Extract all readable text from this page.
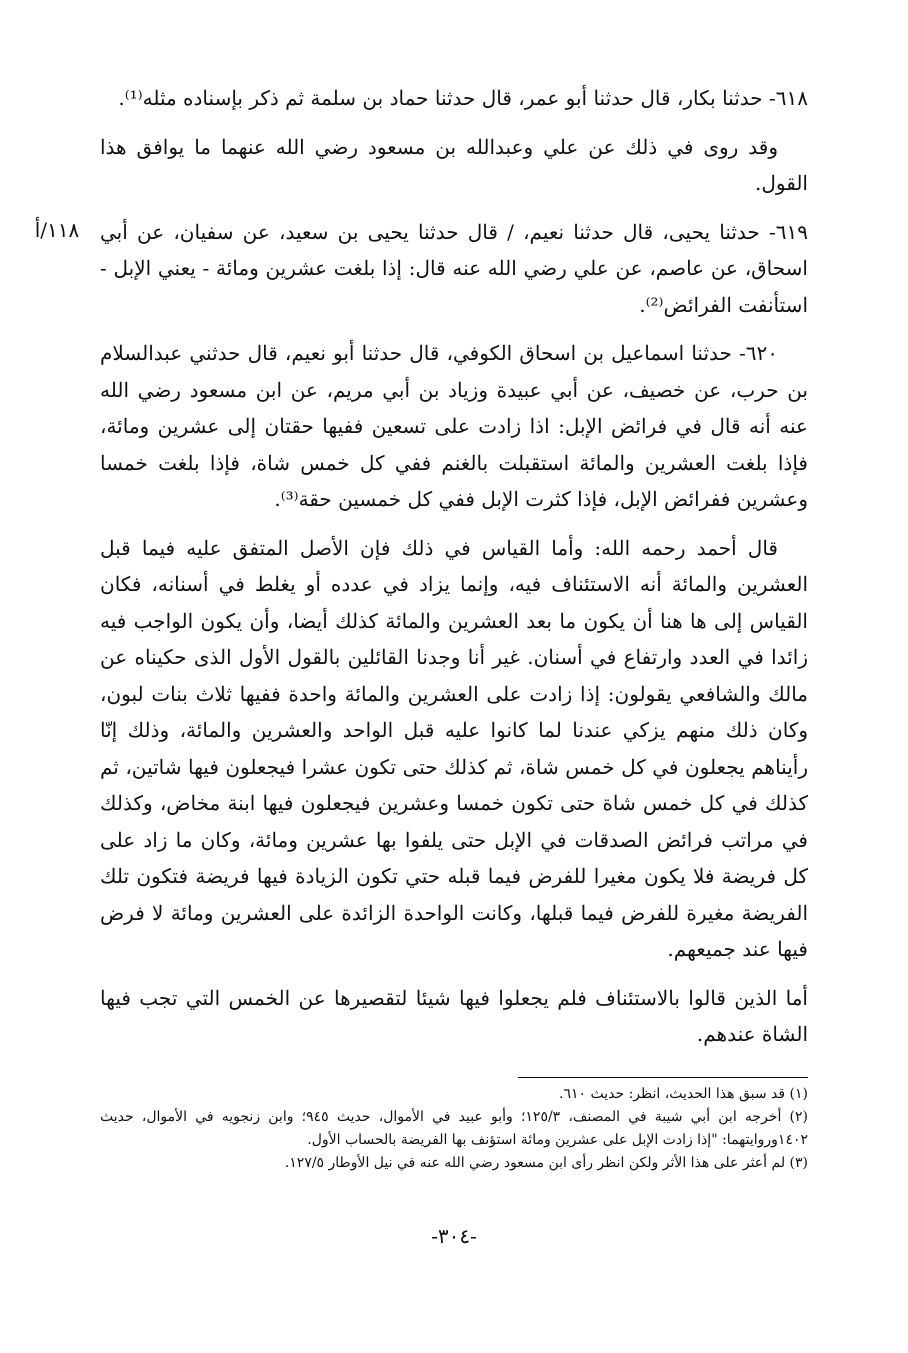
١١٨/أ

٦١٨- حدثنا بكار، قال حدثنا أبو عمر، قال حدثنا حماد بن سلمة ثم ذكر بإسناده مثله⁽¹⁾.

وقد روى في ذلك عن علي وعبدالله بن مسعود رضي الله عنهما ما يوافق هذا القول.

٦١٩- حدثنا يحيى، قال حدثنا نعيم، / قال حدثنا يحيى بن سعيد، عن سفيان، عن أبي اسحاق، عن عاصم، عن علي رضي الله عنه قال: إذا بلغت عشرين ومائة - يعني الإبل - استأنفت الفرائض⁽²⁾.

٦٢٠- حدثنا اسماعيل بن اسحاق الكوفي، قال حدثنا أبو نعيم، قال حدثني عبدالسلام بن حرب، عن خصيف، عن أبي عبيدة وزياد بن أبي مريم، عن ابن مسعود رضي الله عنه أنه قال في فرائض الإبل: اذا زادت على تسعين ففيها حقتان إلى عشرين ومائة، فإذا بلغت العشرين والمائة استقبلت بالغنم ففي كل خمس شاة، فإذا بلغت خمسا وعشرين ففرائض الإبل، فإذا كثرت الإبل ففي كل خمسين حقة⁽³⁾.

قال أحمد رحمه الله: وأما القياس في ذلك فإن الأصل المتفق عليه فيما قبل العشرين والمائة أنه الاستئناف فيه، وإنما يزاد في عدده أو يغلط في أسنانه، فكان القياس إلى ها هنا أن يكون ما بعد العشرين والمائة كذلك أيضا، وأن يكون الواجب فيه زائدا في العدد وارتفاع في أسنان. غير أنا وجدنا القائلين بالقول الأول الذى حكيناه عن مالك والشافعي يقولون: إذا زادت على العشرين والمائة واحدة ففيها ثلاث بنات لبون، وكان ذلك منهم يزكي عندنا لما كانوا عليه قبل الواحد والعشرين والمائة، وذلك إنّا رأيناهم يجعلون في كل خمس شاة، ثم كذلك حتى تكون عشرا فيجعلون فيها شاتين، ثم كذلك في كل خمس شاة حتى تكون خمسا وعشرين فيجعلون فيها ابنة مخاض، وكذلك في مراتب فرائض الصدقات في الإبل حتى يلفوا بها عشرين ومائة، وكان ما زاد على كل فريضة فلا يكون مغيرا للفرض فيما قبله حتي تكون الزيادة فيها فريضة فتكون تلك الفريضة مغيرة للفرض فيما قبلها، وكانت الواحدة الزائدة على العشرين ومائة لا فرض فيها عند جميعهم.

أما الذين قالوا بالاستئناف فلم يجعلوا فيها شيئا لتقصيرها عن الخمس التي تجب فيها الشاة عندهم.

(١) قد سبق هذا الحديث، انظر: حديث ٦١٠.

(٢) أخرجه ابن أبي شيبة في المصنف، ١٢٥/٣؛ وأبو عبيد في الأموال، حديث ٩٤٥؛ وابن زنجويه في الأموال، حديث ١٤٠٢وروايتهما: "إذا زادت الإبل على عشرين ومائة استؤنف بها الفريضة بالحساب الأول.

(٣) لم أعثر على هذا الأثر ولكن انظر رأى ابن مسعود رضي الله عنه في نيل الأوطار ١٢٧/٥.

-٣٠٤-
